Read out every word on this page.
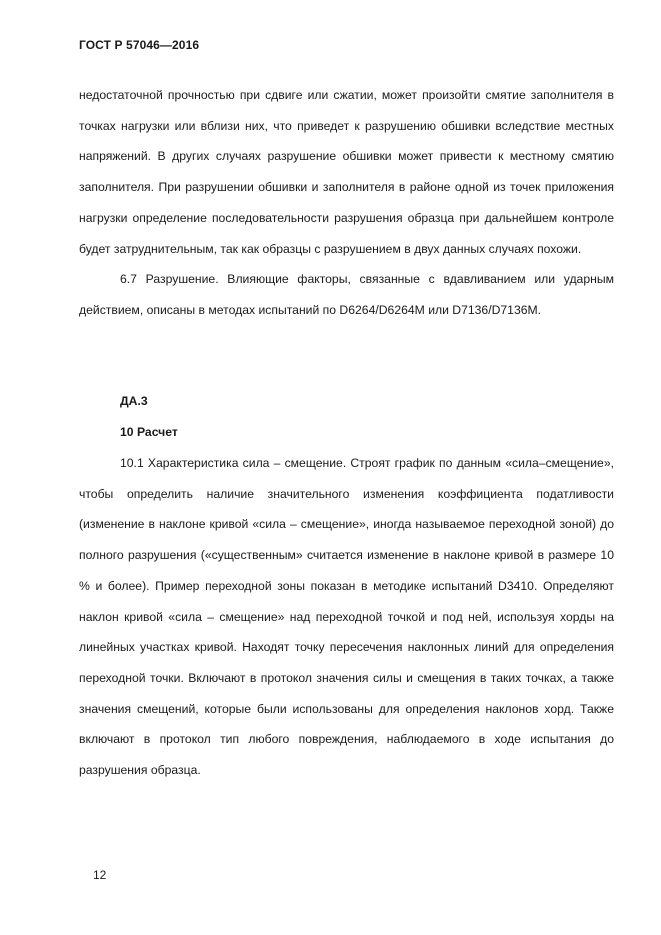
ГОСТ Р 57046—2016

недостаточной прочностью при сдвиге или сжатии, может произойти смятие заполнителя в точках нагрузки или вблизи них, что приведет к разрушению обшивки вследствие местных напряжений. В других случаях разрушение обшивки может привести к местному смятию заполнителя. При разрушении обшивки и заполнителя в районе одной из точек приложения нагрузки определение последовательности разрушения образца при дальнейшем контроле будет затруднительным, так как образцы с разрушением в двух данных случаях похожи.

6.7 Разрушение. Влияющие факторы, связанные с вдавливанием или ударным действием, описаны в методах испытаний по D6264/D6264M или D7136/D7136M.

ДА.3
10 Расчет

10.1 Характеристика сила – смещение. Строят график по данным «сила–смещение», чтобы определить наличие значительного изменения коэффициента податливости (изменение в наклоне кривой «сила – смещение», иногда называемое переходной зоной) до полного разрушения («существенным» считается изменение в наклоне кривой в размере 10 % и более). Пример переходной зоны показан в методике испытаний D3410. Определяют наклон кривой «сила – смещение» над переходной точкой и под ней, используя хорды на линейных участках кривой. Находят точку пересечения наклонных линий для определения переходной точки. Включают в протокол значения силы и смещения в таких точках, а также значения смещений, которые были использованы для определения наклонов хорд. Также включают в протокол тип любого повреждения, наблюдаемого в ходе испытания до разрушения образца.

12
